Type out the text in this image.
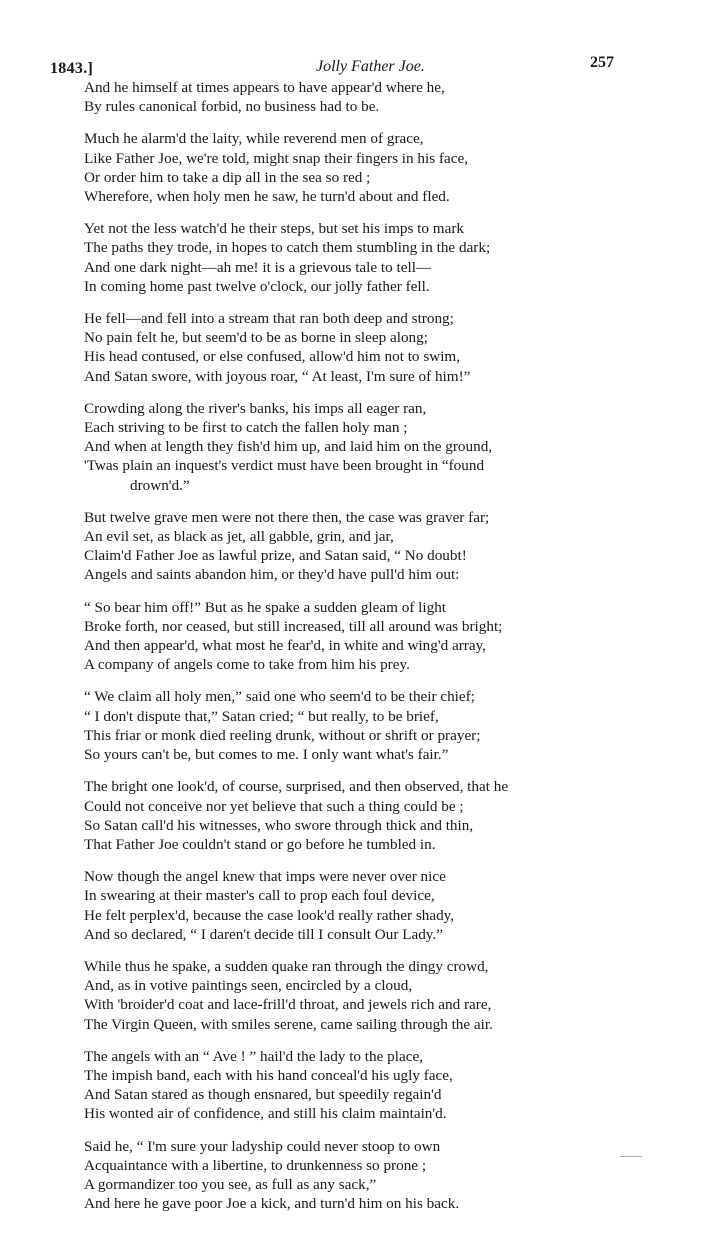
1843.]	Jolly Father Joe.	257
And he himself at times appears to have appear'd where he,
By rules canonical forbid, no business had to be.
Much he alarm'd the laity, while reverend men of grace,
Like Father Joe, we're told, might snap their fingers in his face,
Or order him to take a dip all in the sea so red ;
Wherefore, when holy men he saw, he turn'd about and fled.
Yet not the less watch'd he their steps, but set his imps to mark
The paths they trode, in hopes to catch them stumbling in the dark;
And one dark night—ah me! it is a grievous tale to tell—
In coming home past twelve o'clock, our jolly father fell.
He fell—and fell into a stream that ran both deep and strong;
No pain felt he, but seem'd to be as borne in sleep along;
His head contused, or else confused, allow'd him not to swim,
And Satan swore, with joyous roar, “ At least, I'm sure of him!”
Crowding along the river's banks, his imps all eager ran,
Each striving to be first to catch the fallen holy man ;
And when at length they fish'd him up, and laid him on the ground,
'Twas plain an inquest's verdict must have been brought in “found
drown'd.”
But twelve grave men were not there then, the case was graver far;
An evil set, as black as jet, all gabble, grin, and jar,
Claim'd Father Joe as lawful prize, and Satan said, “ No doubt!
Angels and saints abandon him, or they'd have pull'd him out:
“ So bear him off!” But as he spake a sudden gleam of light
Broke forth, nor ceased, but still increased, till all around was bright;
And then appear'd, what most he fear'd, in white and wing'd array,
A company of angels come to take from him his prey.
“ We claim all holy men,” said one who seem'd to be their chief;
“ I don't dispute that,” Satan cried; “ but really, to be brief,
This friar or monk died reeling drunk, without or shrift or prayer;
So yours can't be, but comes to me. I only want what's fair.”
The bright one look'd, of course, surprised, and then observed, that he
Could not conceive nor yet believe that such a thing could be ;
So Satan call'd his witnesses, who swore through thick and thin,
That Father Joe couldn't stand or go before he tumbled in.
Now though the angel knew that imps were never over nice
In swearing at their master's call to prop each foul device,
He felt perplex'd, because the case look'd really rather shady,
And so declared, “ I daren't decide till I consult Our Lady.”
While thus he spake, a sudden quake ran through the dingy crowd,
And, as in votive paintings seen, encircled by a cloud,
With 'broider'd coat and lace-frill'd throat, and jewels rich and rare,
The Virgin Queen, with smiles serene, came sailing through the air.
The angels with an “ Ave ! ” hail'd the lady to the place,
The impish band, each with his hand conceal'd his ugly face,
And Satan stared as though ensnared, but speedily regain'd
His wonted air of confidence, and still his claim maintain'd.
Said he, “ I'm sure your ladyship could never stoop to own
Acquaintance with a libertine, to drunkenness so prone ;
A gormandizer too you see, as full as any sack,”
And here he gave poor Joe a kick, and turn'd him on his back.
